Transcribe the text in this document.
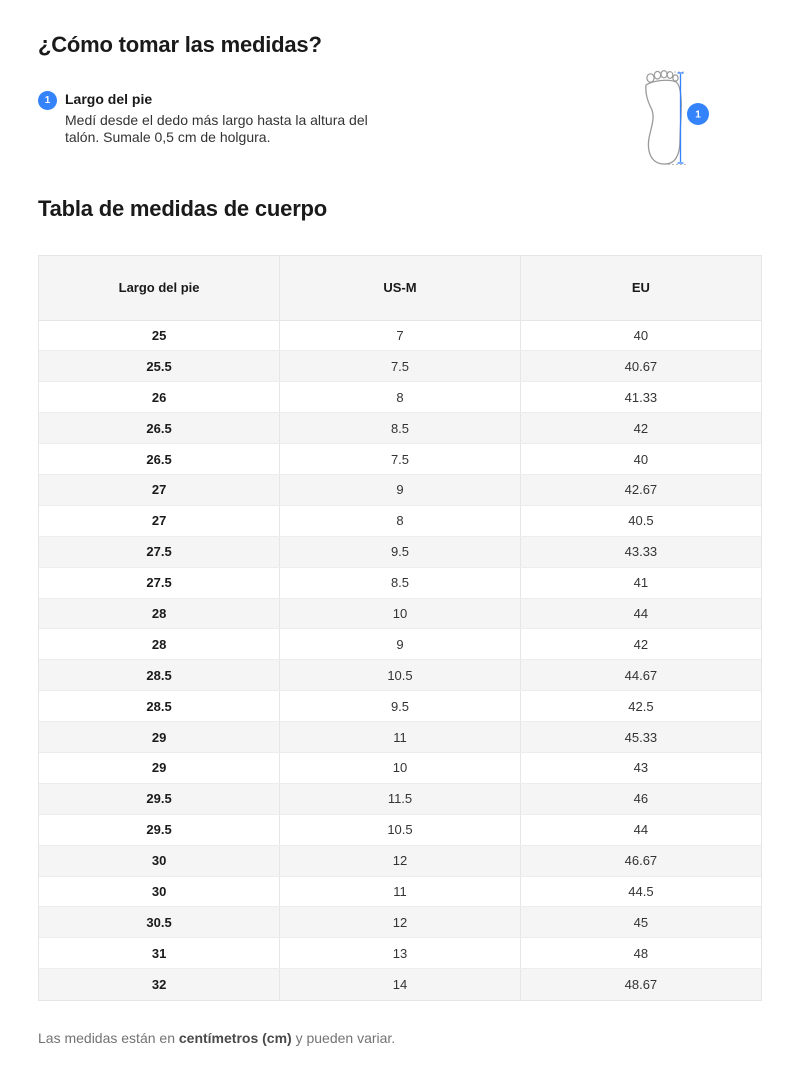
¿Cómo tomar las medidas?
1	Largo del pie
Medí desde el dedo más largo hasta la altura del talón. Sumale 0,5 cm de holgura.
1
Tabla de medidas de cuerpo
Largo del pie	US-M	EU
25	7	40
25.5	7.5	40.67
26	8	41.33
26.5	8.5	42
26.5	7.5	40
27	9	42.67
27	8	40.5
27.5	9.5	43.33
27.5	8.5	41
28	10	44
28	9	42
28.5	10.5	44.67
28.5	9.5	42.5
29	11	45.33
29	10	43
29.5	11.5	46
29.5	10.5	44
30	12	46.67
30	11	44.5
30.5	12	45
31	13	48
32	14	48.67
Las medidas están en centímetros (cm) y pueden variar.
